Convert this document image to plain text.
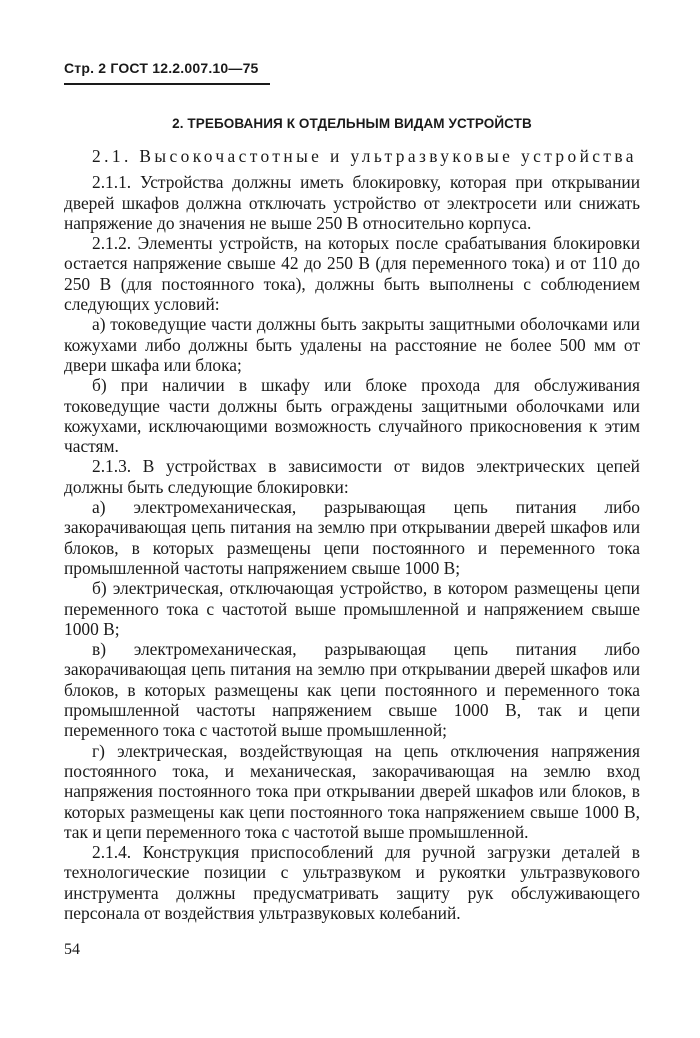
Стр. 2 ГОСТ 12.2.007.10—75
2. ТРЕБОВАНИЯ К ОТДЕЛЬНЫМ ВИДАМ УСТРОЙСТВ

2.1. Высокочастотные и ультразвуковые устройства

2.1.1. Устройства должны иметь блокировку, которая при открывании дверей шкафов должна отключать устройство от электросети или снижать напряжение до значения не выше 250 В относительно корпуса.

2.1.2. Элементы устройств, на которых после срабатывания блокировки остается напряжение свыше 42 до 250 В (для переменного тока) и от 110 до 250 В (для постоянного тока), должны быть выполнены с соблюдением следующих условий:

а) токоведущие части должны быть закрыты защитными оболочками или кожухами либо должны быть удалены на расстояние не более 500 мм от двери шкафа или блока;

б) при наличии в шкафу или блоке прохода для обслуживания токоведущие части должны быть ограждены защитными оболочками или кожухами, исключающими возможность случайного прикосновения к этим частям.

2.1.3. В устройствах в зависимости от видов электрических цепей должны быть следующие блокировки:

а) электромеханическая, разрывающая цепь питания либо закорачивающая цепь питания на землю при открывании дверей шкафов или блоков, в которых размещены цепи постоянного и переменного тока промышленной частоты напряжением свыше 1000 В;

б) электрическая, отключающая устройство, в котором размещены цепи переменного тока с частотой выше промышленной и напряжением свыше 1000 В;

в) электромеханическая, разрывающая цепь питания либо закорачивающая цепь питания на землю при открывании дверей шкафов или блоков, в которых размещены как цепи постоянного и переменного тока промышленной частоты напряжением свыше 1000 В, так и цепи переменного тока с частотой выше промышленной;

г) электрическая, воздействующая на цепь отключения напряжения постоянного тока, и механическая, закорачивающая на землю вход напряжения постоянного тока при открывании дверей шкафов или блоков, в которых размещены как цепи постоянного тока напряжением свыше 1000 В, так и цепи переменного тока с частотой выше промышленной.

2.1.4. Конструкция приспособлений для ручной загрузки деталей в технологические позиции с ультразвуком и рукоятки ультразвукового инструмента должны предусматривать защиту рук обслуживающего персонала от воздействия ультразвуковых колебаний.

54
